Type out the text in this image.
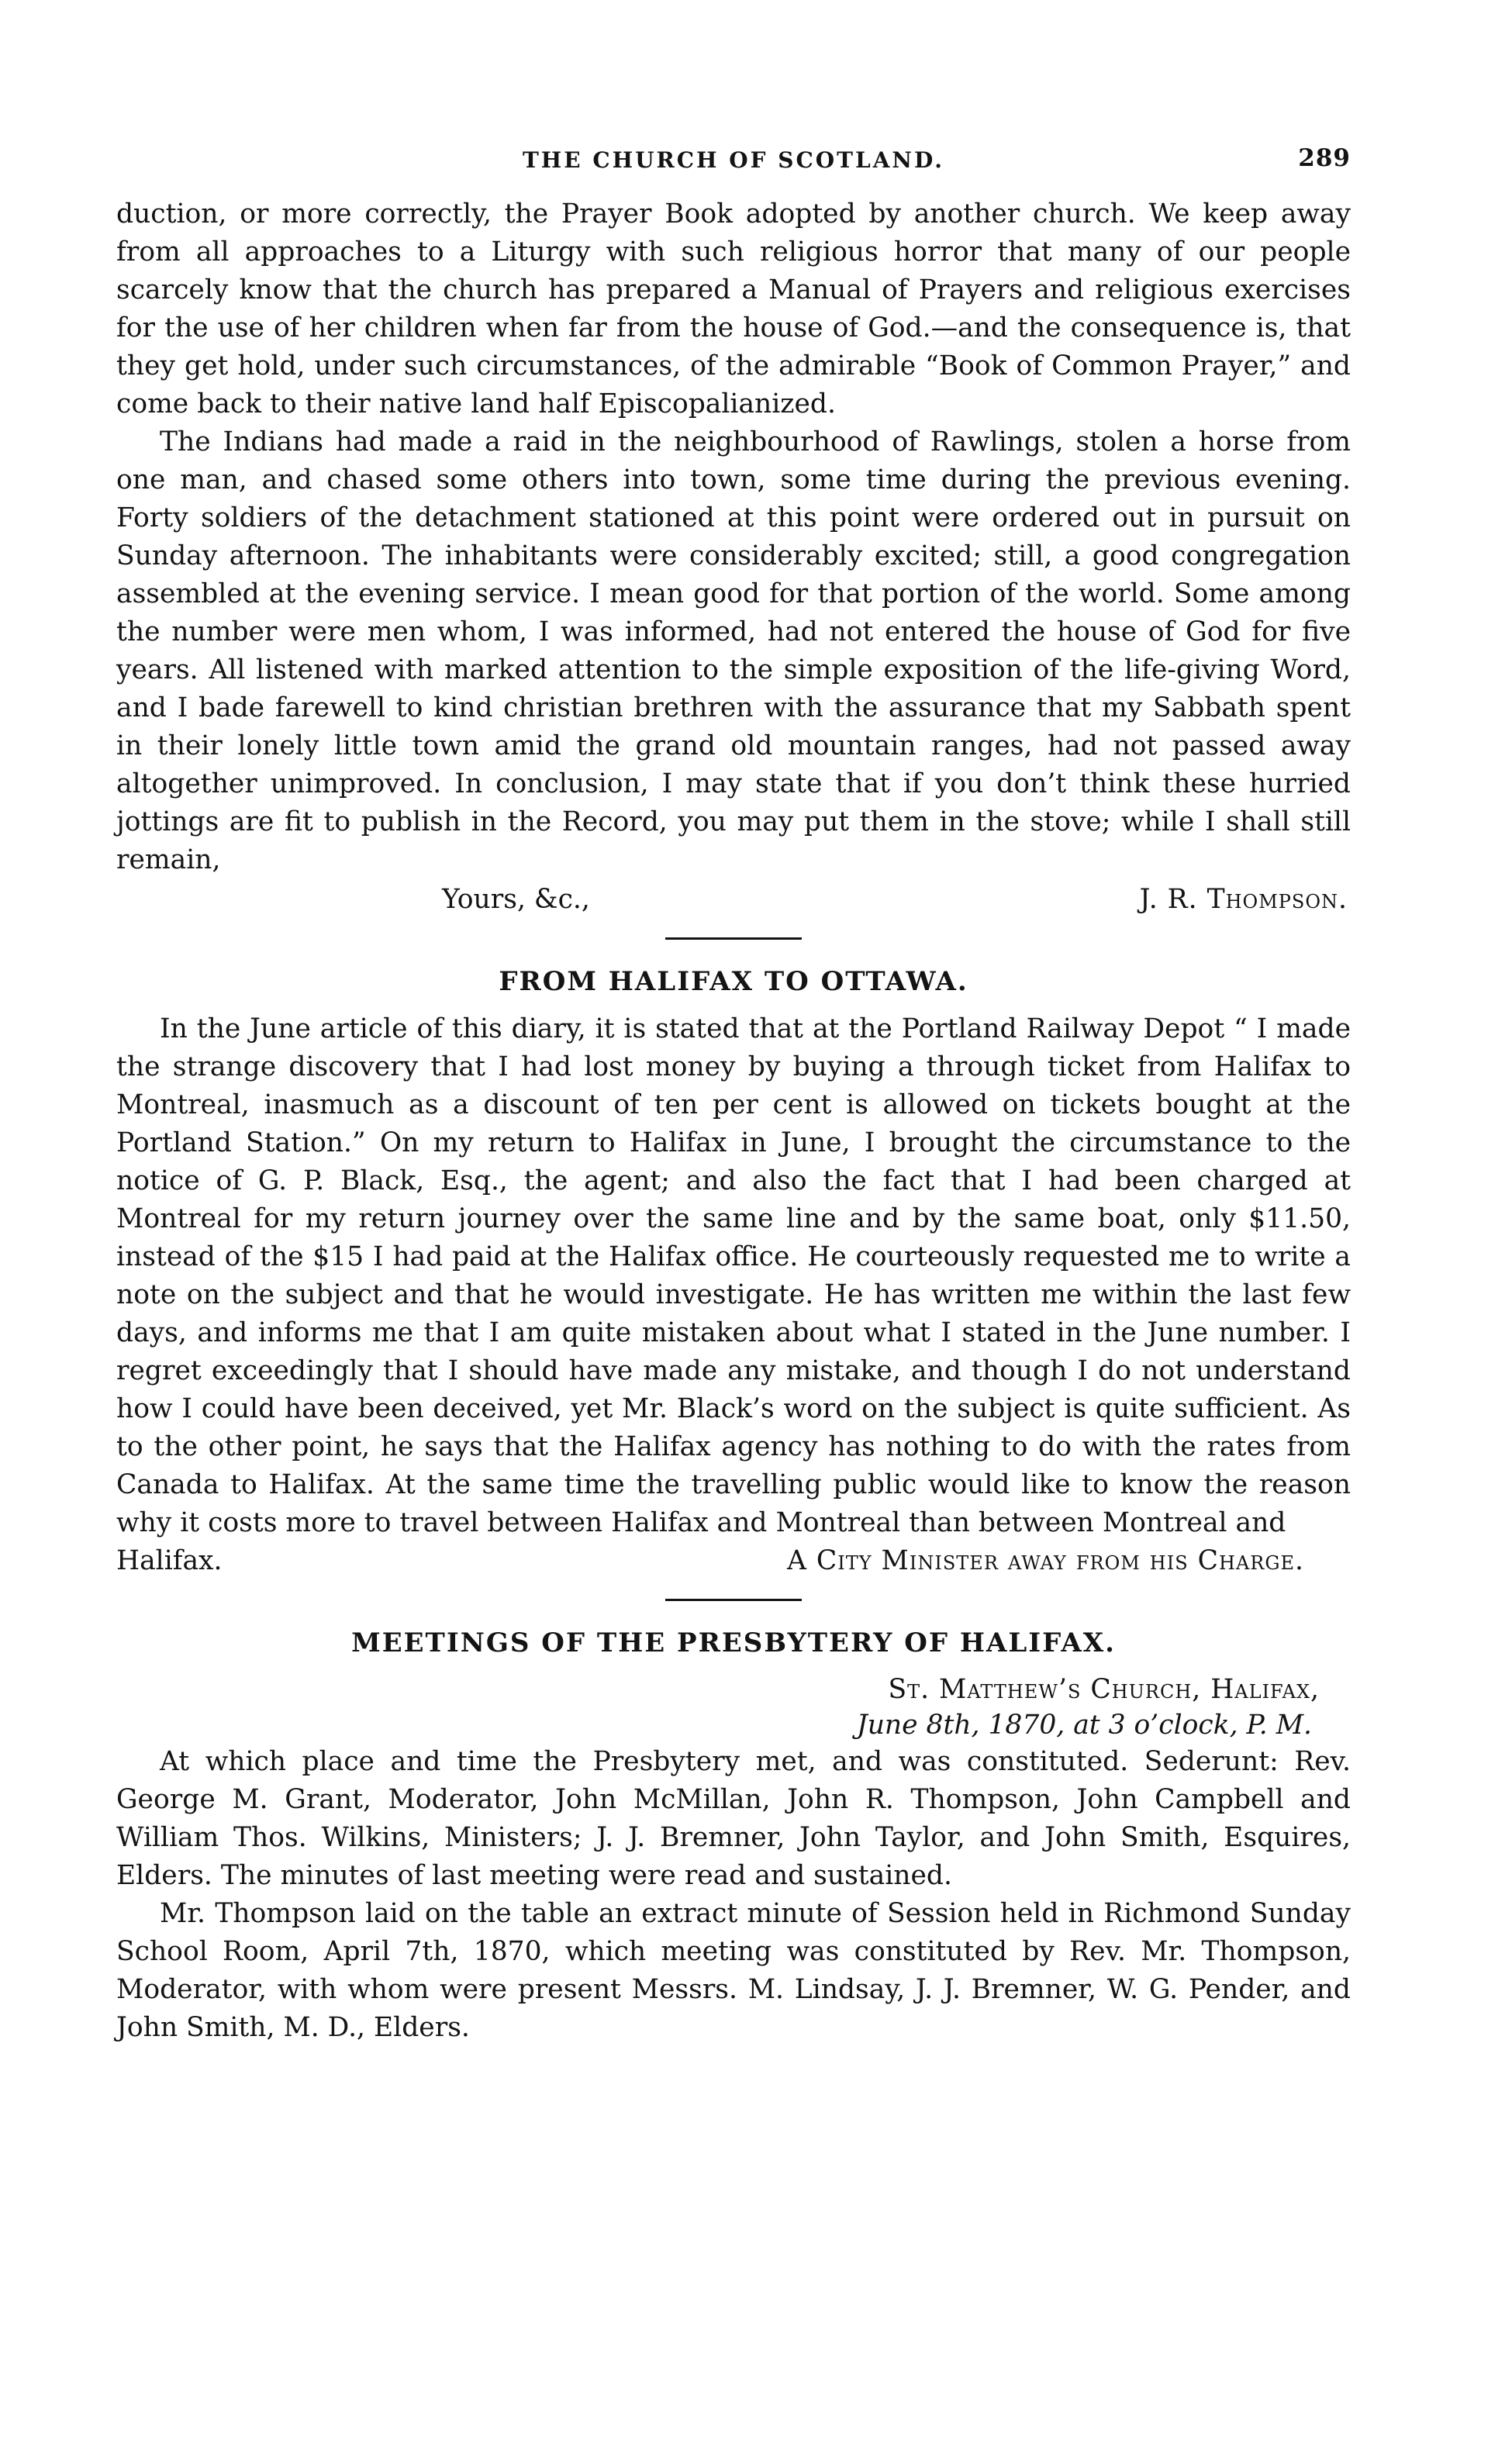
THE CHURCH OF SCOTLAND.	289

duction, or more correctly, the Prayer Book adopted by another church. We keep away from all approaches to a Liturgy with such religious horror that many of our people scarcely know that the church has prepared a Manual of Prayers and religious exercises for the use of her children when far from the house of God.—and the consequence is, that they get hold, under such circumstances, of the admirable “Book of Common Prayer,” and come back to their native land half Episcopalianized.

The Indians had made a raid in the neighbourhood of Rawlings, stolen a horse from one man, and chased some others into town, some time during the previous evening. Forty soldiers of the detachment stationed at this point were ordered out in pursuit on Sunday afternoon. The inhabitants were considerably excited; still, a good congregation assembled at the evening service. I mean good for that portion of the world. Some among the number were men whom, I was informed, had not entered the house of God for five years. All listened with marked attention to the simple exposition of the life-giving Word, and I bade farewell to kind christian brethren with the assurance that my Sabbath spent in their lonely little town amid the grand old mountain ranges, had not passed away altogether unimproved. In conclusion, I may state that if you don’t think these hurried jottings are fit to publish in the Record, you may put them in the stove; while I shall still remain,

Yours, &c.,	J. R. Thompson.
FROM HALIFAX TO OTTAWA.

In the June article of this diary, it is stated that at the Portland Railway Depot “ I made the strange discovery that I had lost money by buying a through ticket from Halifax to Montreal, inasmuch as a discount of ten per cent is allowed on tickets bought at the Portland Station.” On my return to Halifax in June, I brought the circumstance to the notice of G. P. Black, Esq., the agent; and also the fact that I had been charged at Montreal for my return journey over the same line and by the same boat, only $11.50, instead of the $15 I had paid at the Halifax office. He courteously requested me to write a note on the subject and that he would investigate. He has written me within the last few days, and informs me that I am quite mistaken about what I stated in the June number. I regret exceedingly that I should have made any mistake, and though I do not understand how I could have been deceived, yet Mr. Black’s word on the subject is quite sufficient. As to the other point, he says that the Halifax agency has nothing to do with the rates from Canada to Halifax. At the same time the travelling public would like to know the reason why it costs more to travel between Halifax and Montreal than between Montreal and

Halifax.	A City Minister away from his Charge.
MEETINGS OF THE PRESBYTERY OF HALIFAX.
St. Matthew’s Church, Halifax,
June 8th, 1870, at 3 o’clock, P. M.

At which place and time the Presbytery met, and was constituted. Sederunt: Rev. George M. Grant, Moderator, John McMillan, John R. Thompson, John Campbell and William Thos. Wilkins, Ministers; J. J. Bremner, John Taylor, and John Smith, Esquires, Elders. The minutes of last meeting were read and sustained.

Mr. Thompson laid on the table an extract minute of Session held in Richmond Sunday School Room, April 7th, 1870, which meeting was constituted by Rev. Mr. Thompson, Moderator, with whom were present Messrs. M. Lindsay, J. J. Bremner, W. G. Pender, and John Smith, M. D., Elders.
